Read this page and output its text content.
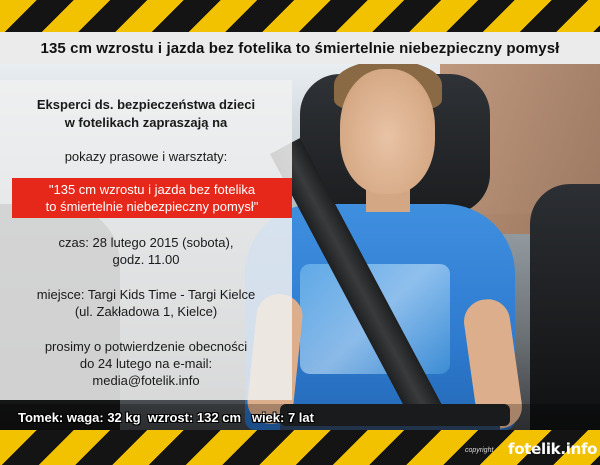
135 cm wzrostu i jazda bez fotelika to śmiertelnie niebezpieczny pomysł
Eksperci ds. bezpieczeństwa dzieci
w fotelikach zapraszają na
pokazy prasowe i warsztaty:
"135 cm wzrostu i jazda bez fotelika
to śmiertelnie niebezpieczny pomysł"
czas: 28 lutego 2015 (sobota),
godz. 11.00
miejsce: Targi Kids Time - Targi Kielce
(ul. Zakładowa 1, Kielce)
prosimy o potwierdzenie obecności
do 24 lutego na e-mail:
media@fotelik.info
Tomek: waga: 32 kg  wzrost: 132 cm   wiek: 7 lat
copyright fotelik.info
